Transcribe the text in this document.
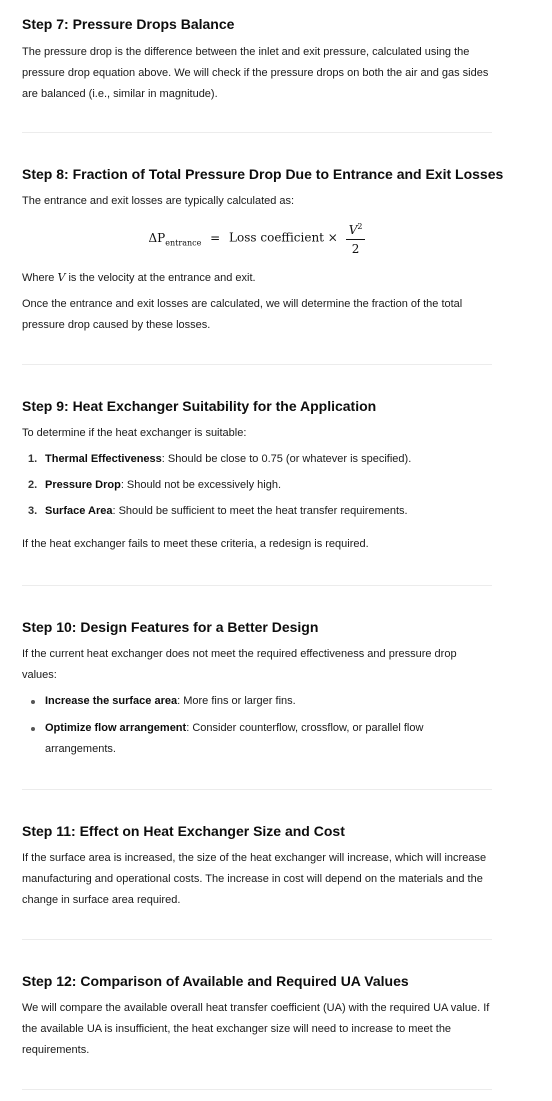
Step 7: Pressure Drops Balance

The pressure drop is the difference between the inlet and exit pressure, calculated using the pressure drop equation above. We will check if the pressure drops on both the air and gas sides are balanced (i.e., similar in magnitude).

Step 8: Fraction of Total Pressure Drop Due to Entrance and Exit Losses

The entrance and exit losses are typically calculated as:

$\Delta P_{entrance}$ = Loss coefficient × $\frac{V^2}{2}$

Where V is the velocity at the entrance and exit.

Once the entrance and exit losses are calculated, we will determine the fraction of the total pressure drop caused by these losses.

Step 9: Heat Exchanger Suitability for the Application

To determine if the heat exchanger is suitable:

1. Thermal Effectiveness: Should be close to 0.75 (or whatever is specified).
2. Pressure Drop: Should not be excessively high.
3. Surface Area: Should be sufficient to meet the heat transfer requirements.

If the heat exchanger fails to meet these criteria, a redesign is required.

Step 10: Design Features for a Better Design

If the current heat exchanger does not meet the required effectiveness and pressure drop values:

Increase the surface area: More fins or larger fins.
Optimize flow arrangement: Consider counterflow, crossflow, or parallel flow arrangements.
Step 11: Effect on Heat Exchanger Size and Cost

If the surface area is increased, the size of the heat exchanger will increase, which will increase manufacturing and operational costs. The increase in cost will depend on the materials and the change in surface area required.

Step 12: Comparison of Available and Required UA Values

We will compare the available overall heat transfer coefficient (UA) with the required UA value. If the available UA is insufficient, the heat exchanger size will need to increase to meet the requirements.
